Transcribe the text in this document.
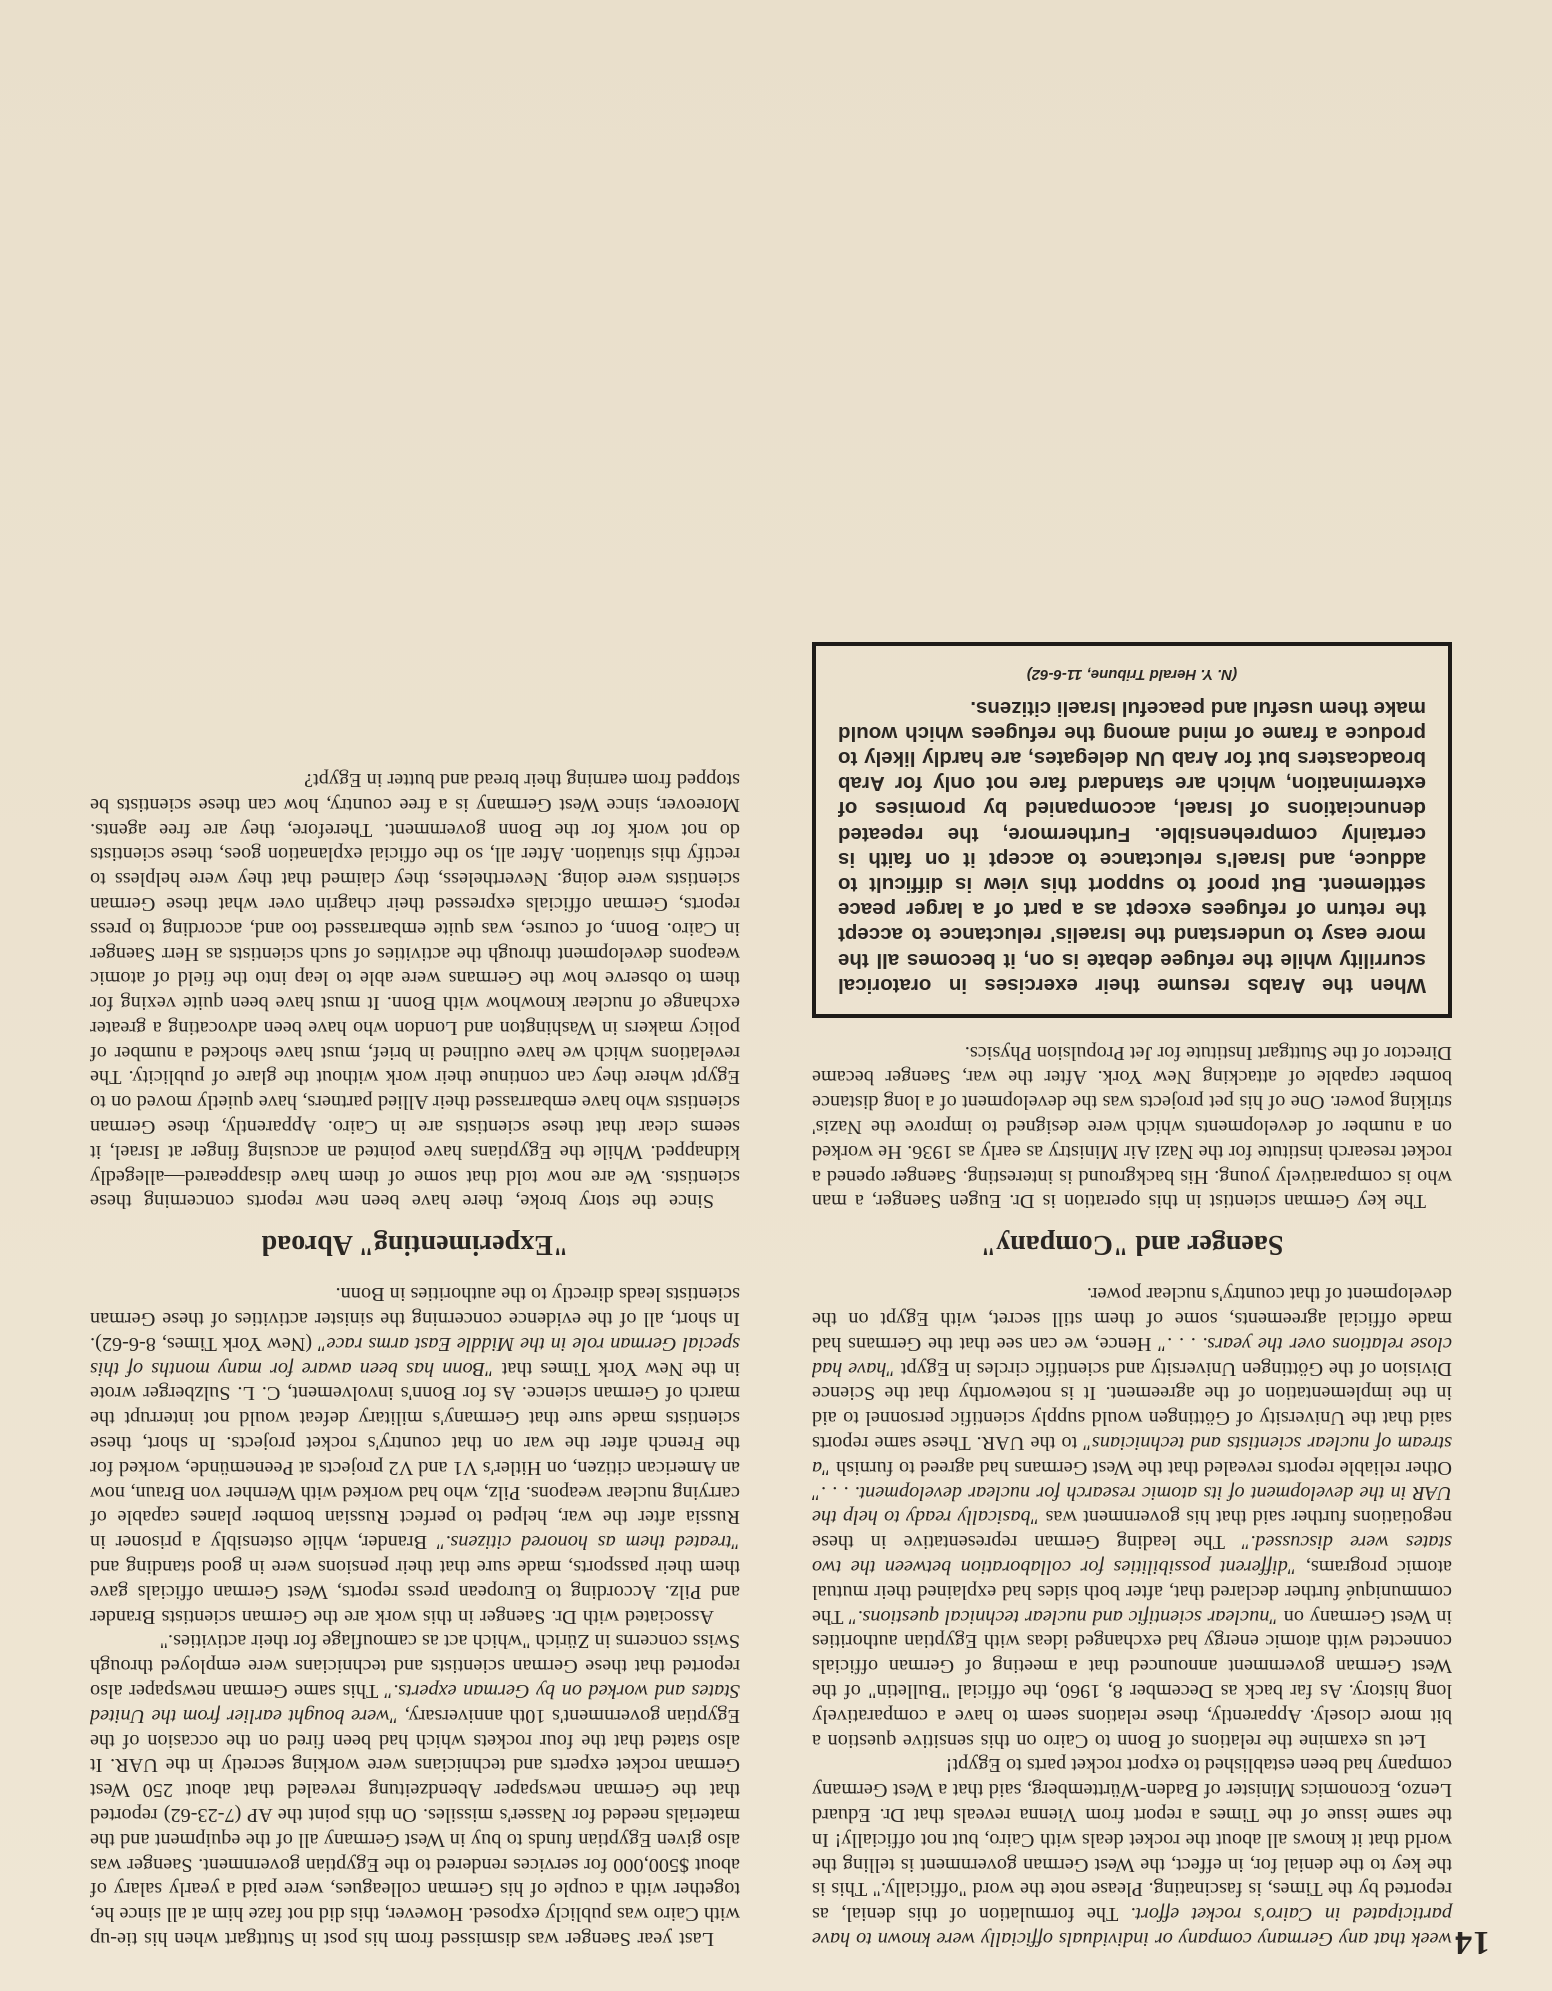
14

week that any Germany company or individuals officially were known to have participated in Cairo's rocket effort. The formulation of this denial, as reported by the Times, is fascinating. Please note the word "officially." This is the key to the denial for, in effect, the West German government is telling the world that it knows all about the rocket deals with Cairo, but not officially! In the same issue of the Times a report from Vienna reveals that Dr. Eduard Lenzo, Economics Minister of Baden-Württemberg, said that a West Germany company had been established to export rocket parts to Egypt!

Let us examine the relations of Bonn to Cairo on this sensitive question a bit more closely. Apparently, these relations seem to have a comparatively long history. As far back as December 8, 1960, the official "Bulletin" of the West German government announced that a meeting of German officials connected with atomic energy had exchanged ideas with Egyptian authorities in West Germany on "nuclear scientific and nuclear technical questions." The communiqué further declared that, after both sides had explained their mutual atomic programs, "different possibilities for collaboration between the two states were discussed." The leading German representative in these negotiations further said that his government was "basically ready to help the UAR in the development of its atomic research for nuclear development. . . ." Other reliable reports revealed that the West Germans had agreed to furnish "a stream of nuclear scientists and technicians" to the UAR. These same reports said that the University of Göttingen would supply scientific personnel to aid in the implementation of the agreement. It is noteworthy that the Science Division of the Göttingen University and scientific circles in Egypt "have had close relations over the years. . . ." Hence, we can see that the Germans had made official agreements, some of them still secret, with Egypt on the development of that country's nuclear power.

Saenger and "Company"

The key German scientist in this operation is Dr. Eugen Saenger, a man who is comparatively young. His background is interesting. Saenger opened a rocket research institute for the Nazi Air Ministry as early as 1936. He worked on a number of developments which were designed to improve the Nazis' striking power. One of his pet projects was the development of a long distance bomber capable of attacking New York. After the war, Saenger became Director of the Stuttgart Institute for Jet Propulsion Physics.

When the Arabs resume their exercises in oratorical scurrility while the refugee debate is on, it becomes all the more easy to understand the Israelis' reluctance to accept the return of refugees except as a part of a larger peace settlement. But proof to support this view is difficult to adduce, and Israel's reluctance to accept it on faith is certainly comprehensible. Furthermore, the repeated denunciations of Israel, accompanied by promises of extermination, which are standard fare not only for Arab broadcasters but for Arab UN delegates, are hardly likely to produce a frame of mind among the refugees which would make them useful and peaceful Israeli citizens.
(N. Y. Herald Tribune, 11-6-62)

Last year Saenger was dismissed from his post in Stuttgart when his tie-up with Cairo was publicly exposed. However, this did not faze him at all since he, together with a couple of his German colleagues, were paid a yearly salary of about $500,000 for services rendered to the Egyptian government. Saenger was also given Egyptian funds to buy in West Germany all of the equipment and the materials needed for Nasser's missiles. On this point the AP (7-23-62) reported that the German newspaper Abendzeitung revealed that about 250 West German rocket experts and technicians were working secretly in the UAR. It also stated that the four rockets which had been fired on the occasion of the Egyptian government's 10th anniversary, "were bought earlier from the United States and worked on by German experts." This same German newspaper also reported that these German scientists and technicians were employed through Swiss concerns in Zürich "which act as camouflage for their activities."

Associated with Dr. Saenger in this work are the German scientists Brander and Pilz. According to European press reports, West German officials gave them their passports, made sure that their pensions were in good standing and "treated them as honored citizens." Brander, while ostensibly a prisoner in Russia after the war, helped to perfect Russian bomber planes capable of carrying nuclear weapons. Pilz, who had worked with Wernher von Braun, now an American citizen, on Hitler's V1 and V2 projects at Peenemünde, worked for the French after the war on that country's rocket projects. In short, these scientists made sure that Germany's military defeat would not interrupt the march of German science. As for Bonn's involvement, C. L. Sulzberger wrote in the New York Times that "Bonn has been aware for many months of this special German role in the Middle East arms race" (New York Times, 8-6-62). In short, all of the evidence concerning the sinister activities of these German scientists leads directly to the authorities in Bonn.

"Experimenting" Abroad

Since the story broke, there have been new reports concerning these scientists. We are now told that some of them have disappeared—allegedly kidnapped. While the Egyptians have pointed an accusing finger at Israel, it seems clear that these scientists are in Cairo. Apparently, these German scientists who have embarrassed their Allied partners, have quietly moved on to Egypt where they can continue their work without the glare of publicity. The revelations which we have outlined in brief, must have shocked a number of policy makers in Washington and London who have been advocating a greater exchange of nuclear knowhow with Bonn. It must have been quite vexing for them to observe how the Germans were able to leap into the field of atomic weapons development through the activities of such scientists as Herr Saenger in Cairo. Bonn, of course, was quite embarrassed too and, according to press reports, German officials expressed their chagrin over what these German scientists were doing. Nevertheless, they claimed that they were helpless to rectify this situation. After all, so the official explanation goes, these scientists do not work for the Bonn government. Therefore, they are free agents. Moreover, since West Germany is a free country, how can these scientists be stopped from earning their bread and butter in Egypt?
